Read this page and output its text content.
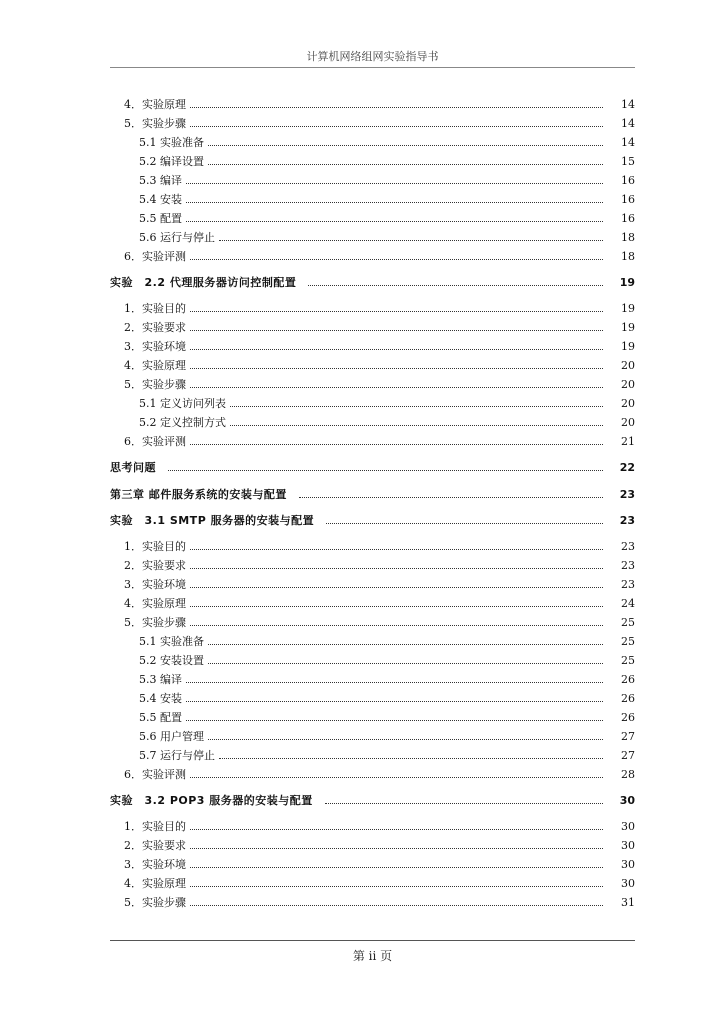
计算机网络组网实验指导书
4．实验原理	14
5．实验步骤	14
5.1 实验准备	14
5.2 编译设置	15
5.3 编译	16
5.4 安装	16
5.5 配置	16
5.6 运行与停止	18
6．实验评测	18
实验　2.2 代理服务器访问控制配置	19
1．实验目的	19
2．实验要求	19
3．实验环境	19
4．实验原理	20
5．实验步骤	20
5.1 定义访问列表	20
5.2 定义控制方式	20
6．实验评测	21
思考问题	22
第三章 邮件服务系统的安装与配置	23
实验　3.1 SMTP 服务器的安装与配置	23
1．实验目的	23
2．实验要求	23
3．实验环境	23
4．实验原理	24
5．实验步骤	25
5.1 实验准备	25
5.2 安装设置	25
5.3 编译	26
5.4 安装	26
5.5 配置	26
5.6 用户管理	27
5.7 运行与停止	27
6．实验评测	28
实验　3.2 POP3 服务器的安装与配置	30
1．实验目的	30
2．实验要求	30
3．实验环境	30
4．实验原理	30
5．实验步骤	31
第 ii 页
